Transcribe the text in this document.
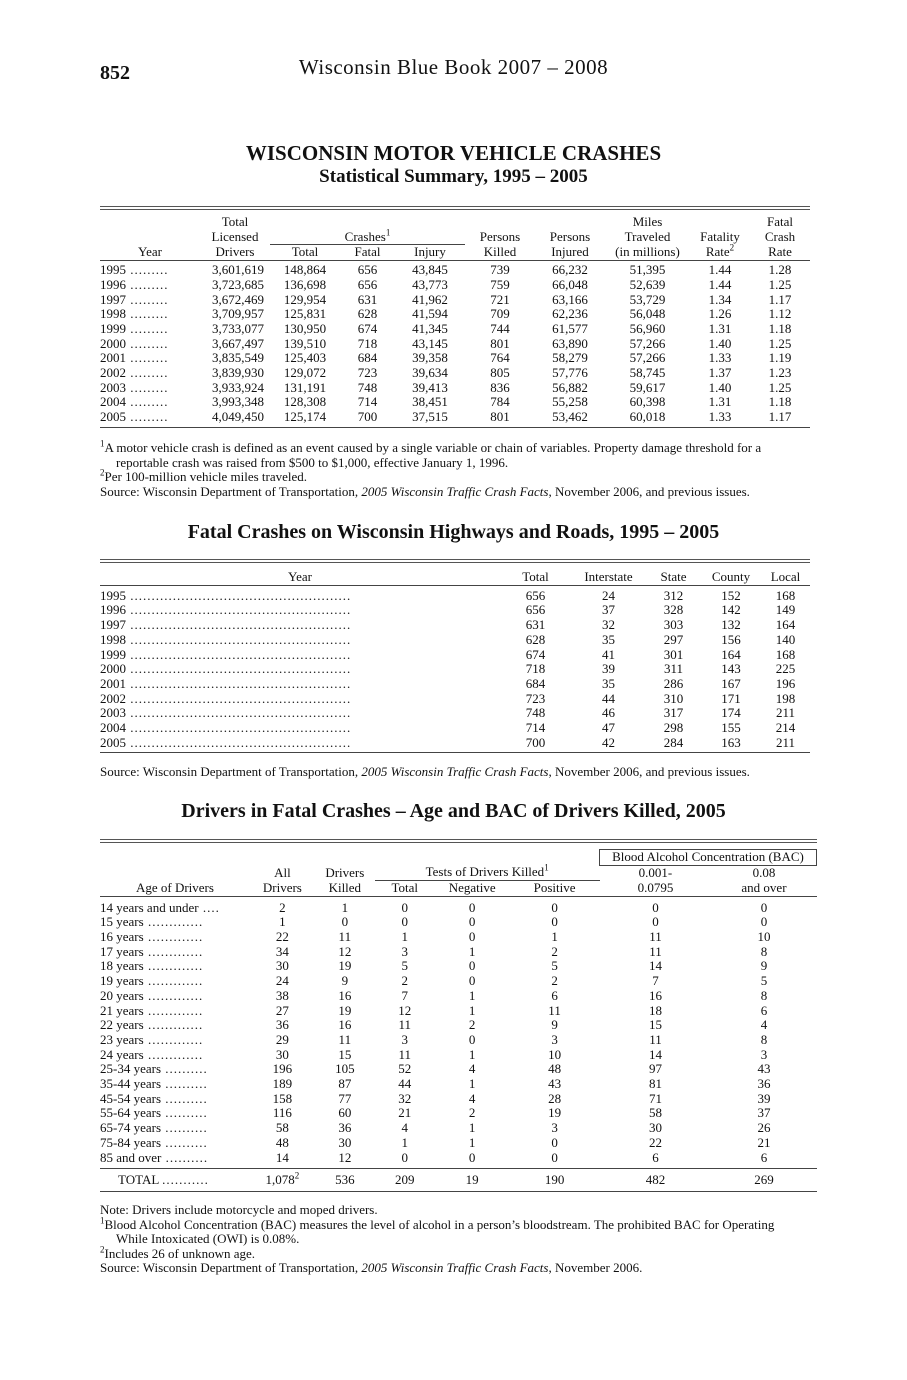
852	Wisconsin Blue Book 2007 – 2008
WISCONSIN MOTOR VEHICLE CRASHES
Statistical Summary, 1995 – 2005
	Total						Miles		Fatal
	Licensed	Crashes$^1$			Persons	Persons	Traveled	Fatality	Crash
Year	Drivers	Total	Fatal	Injury	Killed	Injured	(in millions)	Rate$^2$	Rate
1995 .........	3,601,619	148,864	656	43,845	739	66,232	51,395	1.44	1.28
1996 .........	3,723,685	136,698	656	43,773	759	66,048	52,639	1.44	1.25
1997 .........	3,672,469	129,954	631	41,962	721	63,166	53,729	1.34	1.17
1998 .........	3,709,957	125,831	628	41,594	709	62,236	56,048	1.26	1.12
1999 .........	3,733,077	130,950	674	41,345	744	61,577	56,960	1.31	1.18
2000 .........	3,667,497	139,510	718	43,145	801	63,890	57,266	1.40	1.25
2001 .........	3,835,549	125,403	684	39,358	764	58,279	57,266	1.33	1.19
2002 .........	3,839,930	129,072	723	39,634	805	57,776	58,745	1.37	1.23
2003 .........	3,933,924	131,191	748	39,413	836	56,882	59,617	1.40	1.25
2004 .........	3,993,348	128,308	714	38,451	784	55,258	60,398	1.31	1.18
2005 .........	4,049,450	125,174	700	37,515	801	53,462	60,018	1.33	1.17

$^1$A motor vehicle crash is defined as an event caused by a single variable or chain of variables. Property damage threshold for a

reportable crash was raised from $500 to $1,000, effective January 1, 1996.

$^2$Per 100-million vehicle miles traveled.

Source: Wisconsin Department of Transportation, 2005 Wisconsin Traffic Crash Facts, November 2006, and previous issues.

Fatal Crashes on Wisconsin Highways and Roads, 1995 – 2005
Year	Total	Interstate	State	County	Local
1995 ....................................................	656	24	312	152	168
1996 ....................................................	656	37	328	142	149
1997 ....................................................	631	32	303	132	164
1998 ....................................................	628	35	297	156	140
1999 ....................................................	674	41	301	164	168
2000 ....................................................	718	39	311	143	225
2001 ....................................................	684	35	286	167	196
2002 ....................................................	723	44	310	171	198
2003 ....................................................	748	46	317	174	211
2004 ....................................................	714	47	298	155	214
2005 ....................................................	700	42	284	163	211

Source: Wisconsin Department of Transportation, 2005 Wisconsin Traffic Crash Facts, November 2006, and previous issues.

Drivers in Fatal Crashes – Age and BAC of Drivers Killed, 2005
						Blood Alcohol Concentration (BAC)	
	All	Drivers	Tests of Drivers Killed$^1$			0.001-	0.08
Age of Drivers	Drivers	Killed	Total	Negative	Positive	0.0795	and over
14 years and under ....	2	1	0	0	0	0	0
15 years .............	1	0	0	0	0	0	0
16 years .............	22	11	1	0	1	11	10
17 years .............	34	12	3	1	2	11	8
18 years .............	30	19	5	0	5	14	9
19 years .............	24	9	2	0	2	7	5
20 years .............	38	16	7	1	6	16	8
21 years .............	27	19	12	1	11	18	6
22 years .............	36	16	11	2	9	15	4
23 years .............	29	11	3	0	3	11	8
24 years .............	30	15	11	1	10	14	3
25-34 years ..........	196	105	52	4	48	97	43
35-44 years ..........	189	87	44	1	43	81	36
45-54 years ..........	158	77	32	4	28	71	39
55-64 years ..........	116	60	21	2	19	58	37
65-74 years ..........	58	36	4	1	3	30	26
75-84 years ..........	48	30	1	1	0	22	21
85 and over ..........	14	12	0	0	0	6	6
TOTAL ...........	1,078$^2$	536	209	19	190	482	269

Note: Drivers include motorcycle and moped drivers.

$^1$Blood Alcohol Concentration (BAC) measures the level of alcohol in a person’s bloodstream. The prohibited BAC for Operating

While Intoxicated (OWI) is 0.08%.

$^2$Includes 26 of unknown age.

Source: Wisconsin Department of Transportation, 2005 Wisconsin Traffic Crash Facts, November 2006.
